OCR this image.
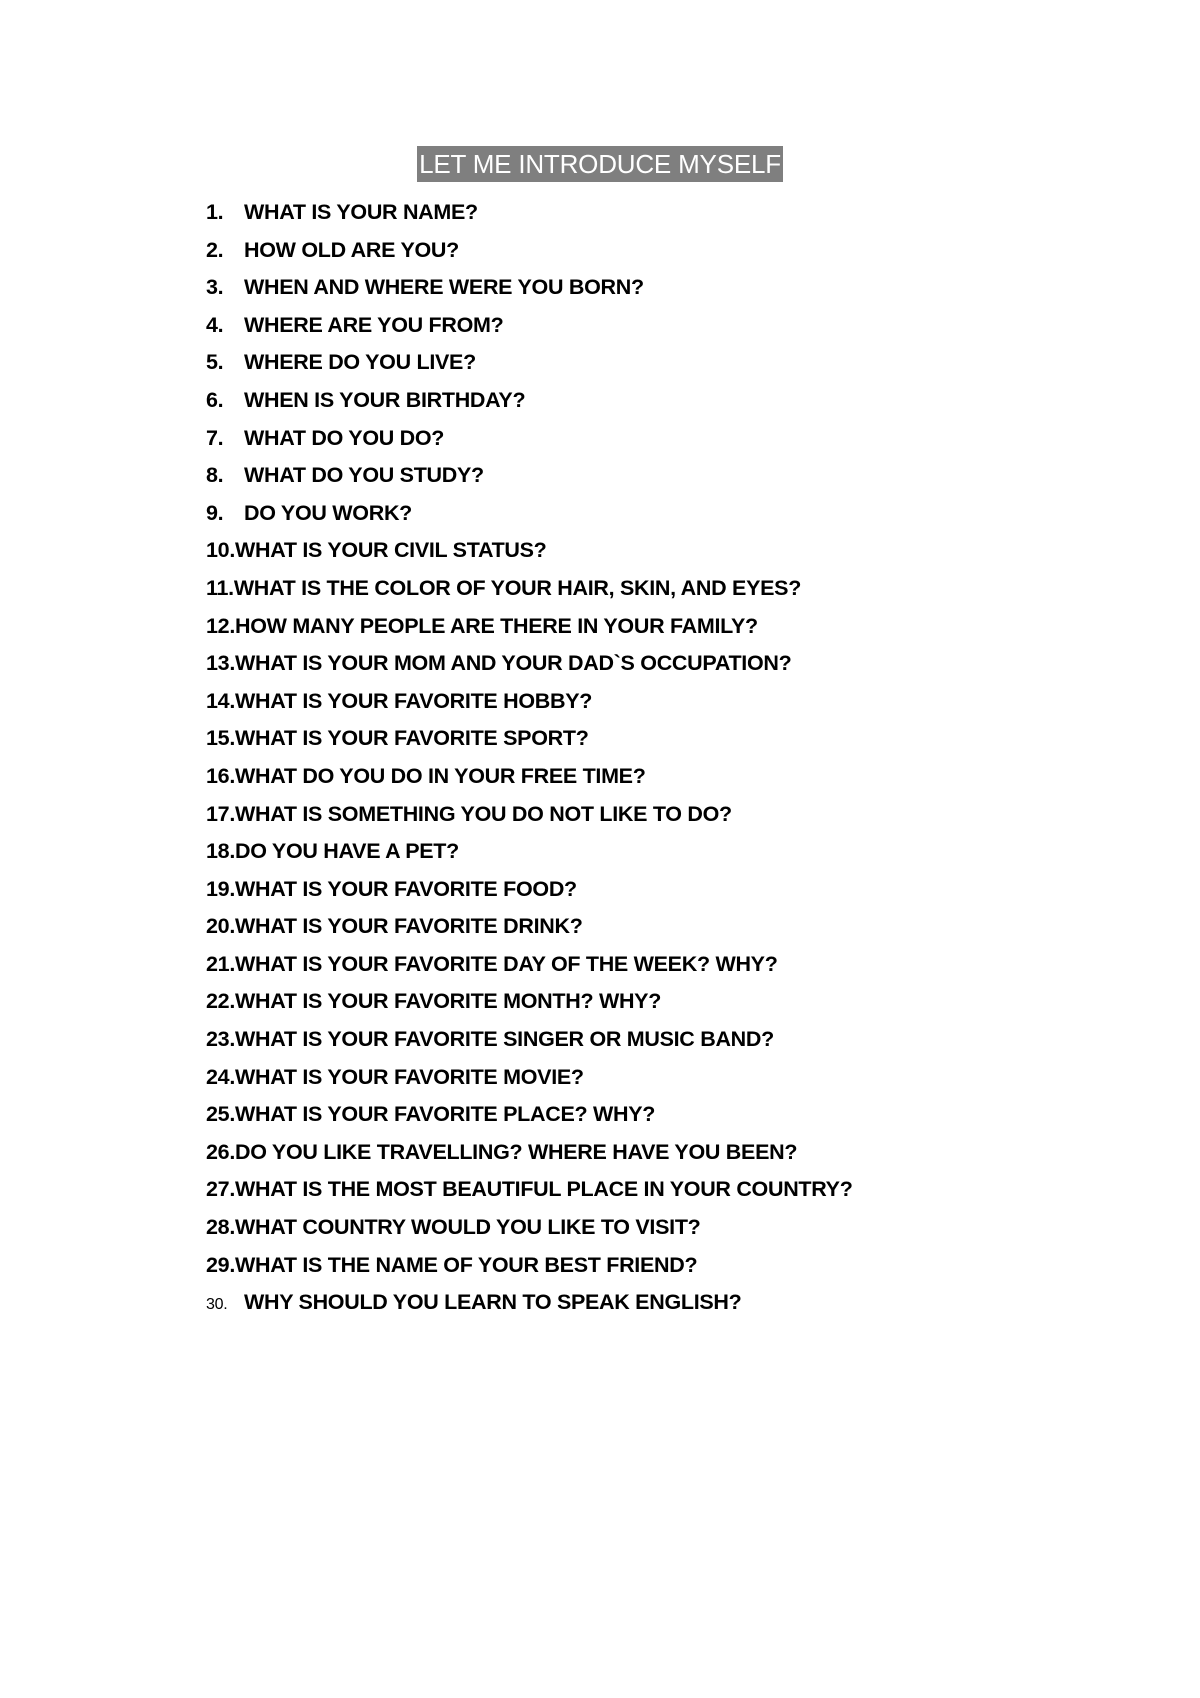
LET ME INTRODUCE MYSELF
1. WHAT IS YOUR NAME?
2. HOW OLD ARE YOU?
3. WHEN AND WHERE WERE YOU BORN?
4. WHERE ARE YOU FROM?
5. WHERE DO YOU LIVE?
6. WHEN IS YOUR BIRTHDAY?
7. WHAT DO YOU DO?
8. WHAT DO YOU STUDY?
9. DO YOU WORK?
10. WHAT IS YOUR CIVIL STATUS?
11. WHAT IS THE COLOR OF YOUR HAIR, SKIN, AND EYES?
12. HOW MANY PEOPLE ARE THERE IN YOUR FAMILY?
13. WHAT IS YOUR MOM AND YOUR DAD`S OCCUPATION?
14. WHAT IS YOUR FAVORITE HOBBY?
15. WHAT IS YOUR FAVORITE SPORT?
16. WHAT DO YOU DO IN YOUR FREE TIME?
17. WHAT IS SOMETHING YOU DO NOT LIKE TO DO?
18. DO YOU HAVE A PET?
19. WHAT IS YOUR FAVORITE FOOD?
20. WHAT IS YOUR FAVORITE DRINK?
21. WHAT IS YOUR FAVORITE DAY OF THE WEEK? WHY?
22. WHAT IS YOUR FAVORITE MONTH? WHY?
23. WHAT IS YOUR FAVORITE SINGER OR MUSIC BAND?
24. WHAT IS YOUR FAVORITE MOVIE?
25. WHAT IS YOUR FAVORITE PLACE? WHY?
26. DO YOU LIKE TRAVELLING? WHERE HAVE YOU BEEN?
27. WHAT IS THE MOST BEAUTIFUL PLACE IN YOUR COUNTRY?
28. WHAT COUNTRY WOULD YOU LIKE TO VISIT?
29. WHAT IS THE NAME OF YOUR BEST FRIEND?
30. WHY SHOULD YOU LEARN TO SPEAK ENGLISH?
